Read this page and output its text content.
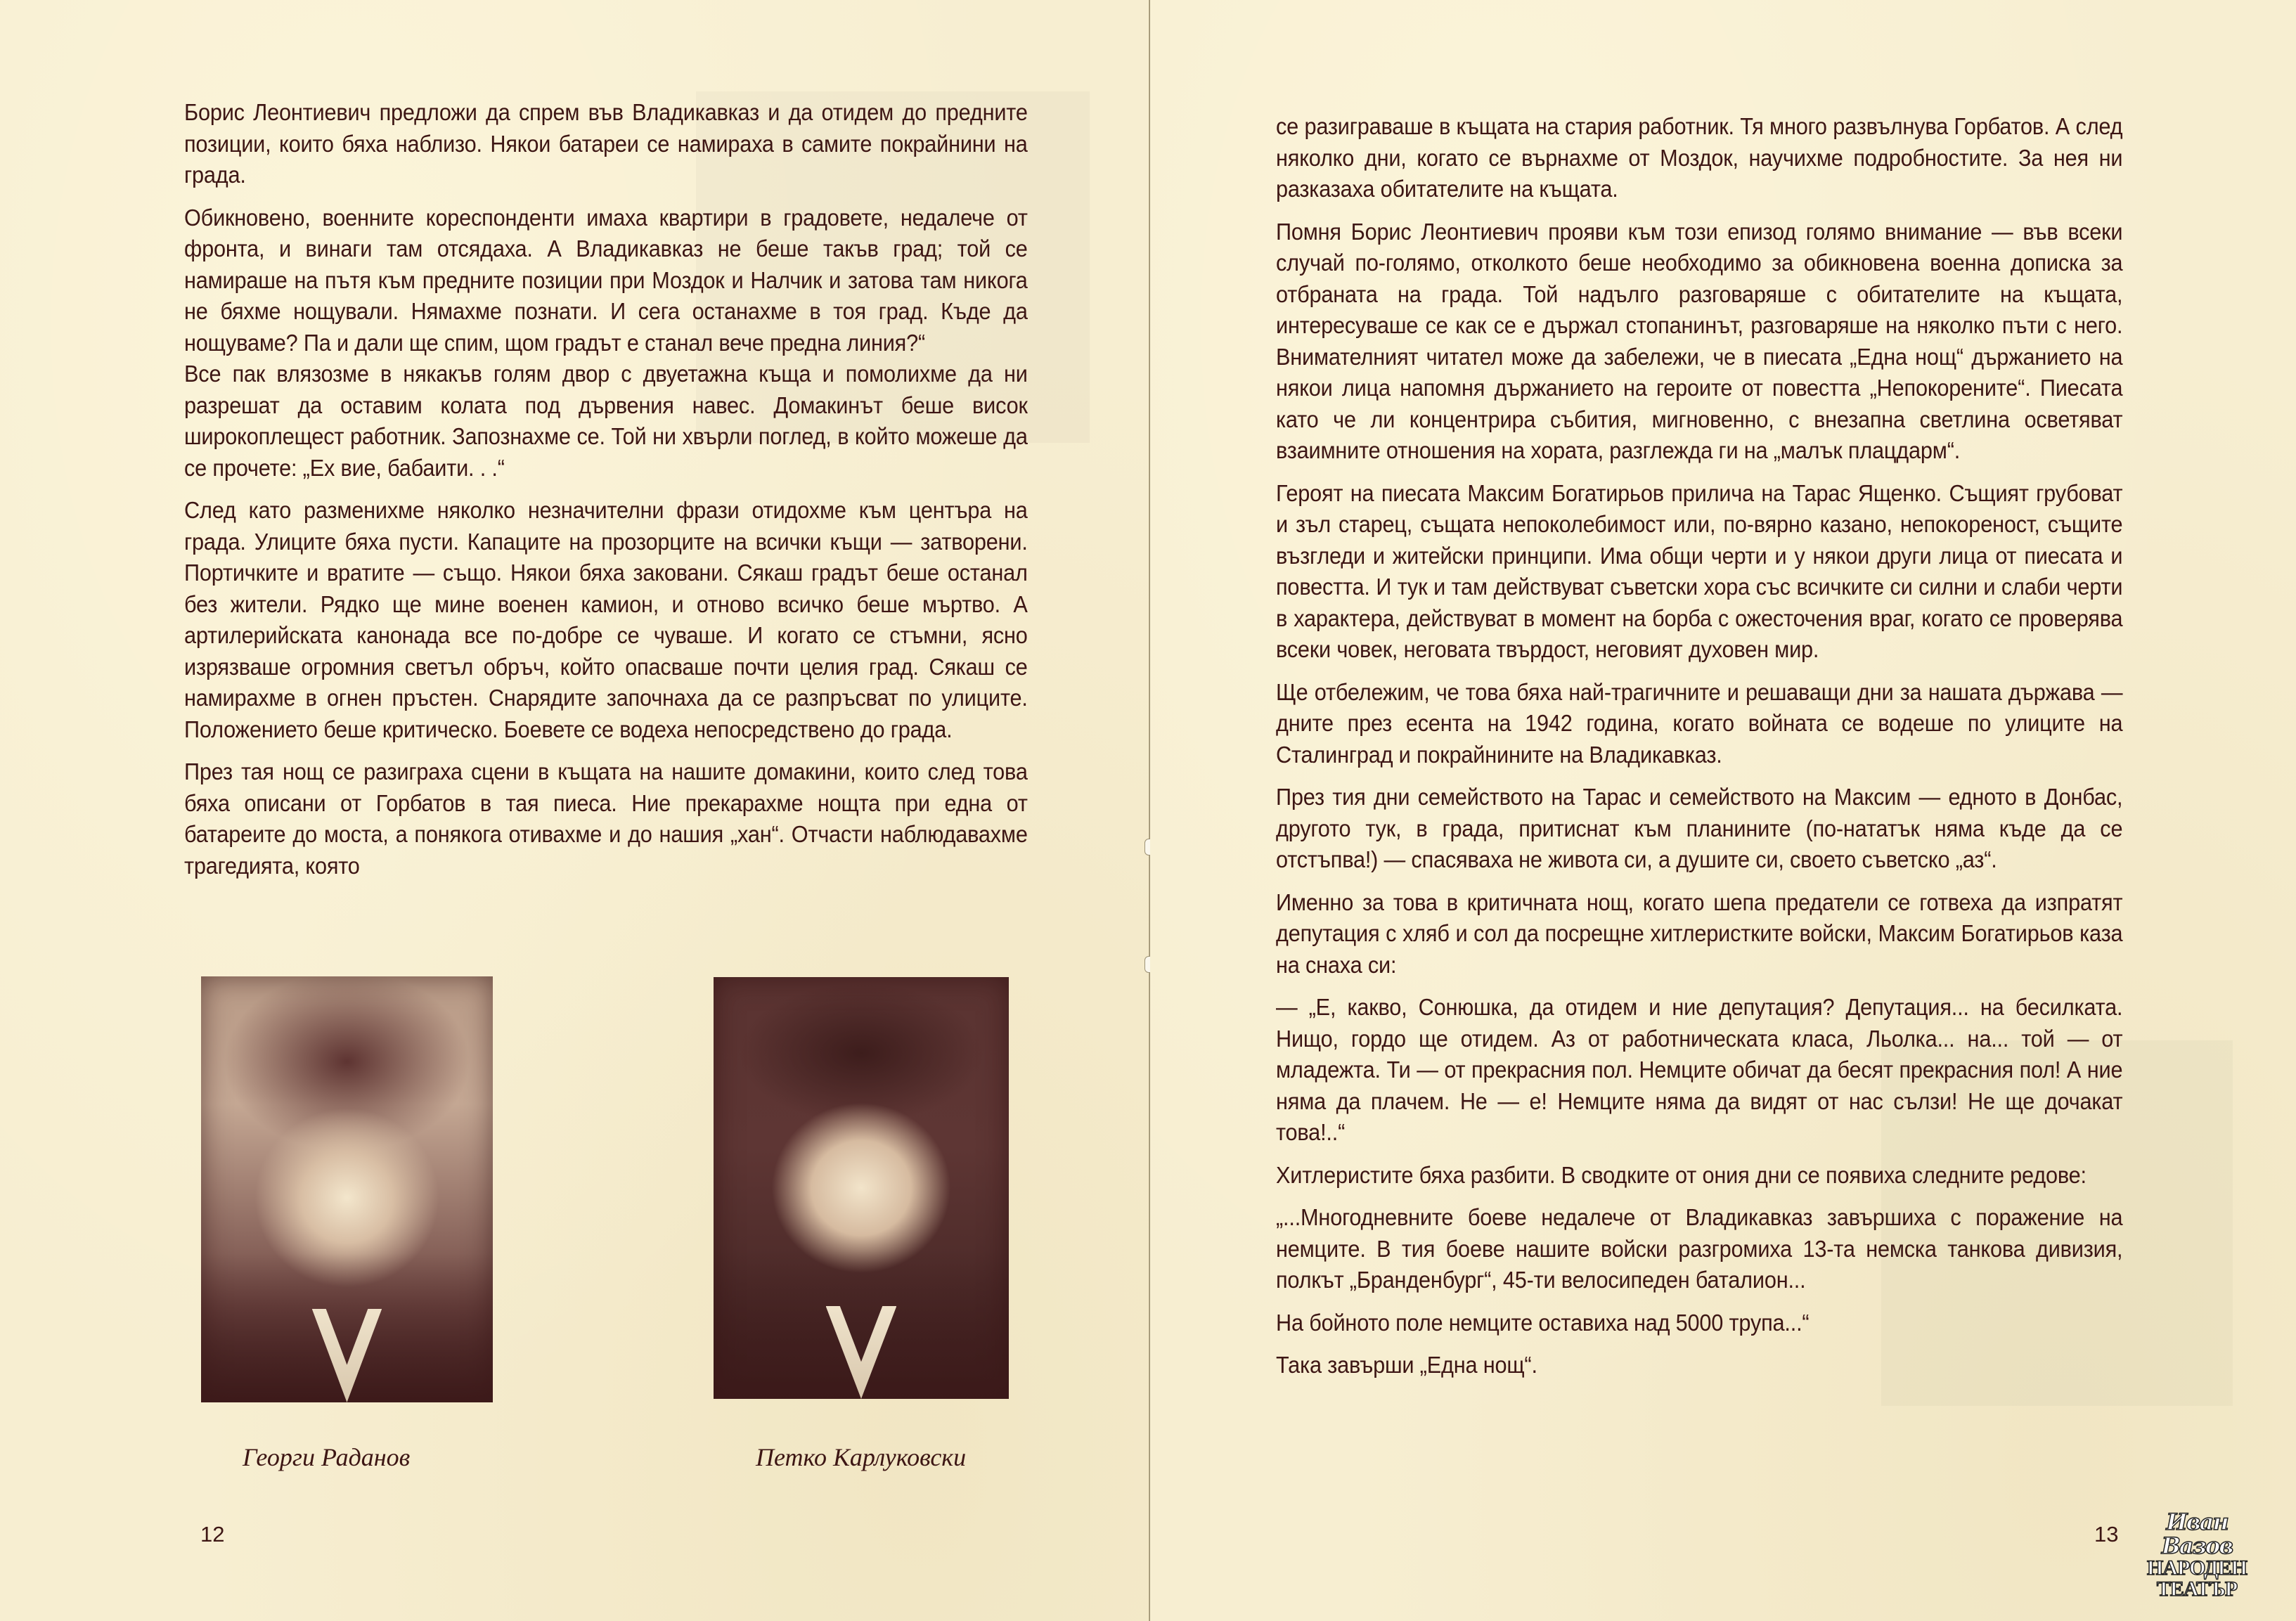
Борис Леонтиевич предложи да спрем във Владикавказ и да отидем до предните позиции, които бяха наблизо. Някои батареи се намираха в самите покрайнини на града.

Обикновено, военните кореспонденти имаха квартири в градовете, недалече от фронта, и винаги там отсядаха. А Владикавказ не беше такъв град; той се намираше на пътя към предните позиции при Моздок и Налчик и затова там никога не бяхме нощували. Нямахме познати. И сега останахме в тоя град. Къде да нощуваме? Па и дали ще спим, щом градът е станал вече предна линия?“

Все пак влязозме в някакъв голям двор с двуетажна къща и помолихме да ни разрешат да оставим колата под дървения навес. Домакинът беше висок широкоплещест работник. Запознахме се. Той ни хвърли поглед, в който можеше да се прочете: „Ех вие, бабаити. . .“

След като разменихме няколко незначителни фрази отидохме към центъра на града. Улиците бяха пусти. Капаците на прозорците на всички къщи — затворени. Портичките и вратите — също. Някои бяха заковани. Сякаш градът беше останал без жители. Рядко ще мине военен камион, и отново всичко беше мъртво. А артилерийската канонада все по-добре се чуваше. И когато се стъмни, ясно изрязваше огромния светъл обръч, който опасваше почти целия град. Сякаш се намирахме в огнен пръстен. Снарядите започнаха да се разпръсват по улиците. Положението беше критическо. Боевете се водеха непосредствено до града.

През тая нощ се разиграха сцени в къщата на нашите домакини, които след това бяха описани от Горбатов в тая пиеса. Ние прекарахме нощта при една от батареите до моста, а понякога отивахме и до нашия „хан“. Отчасти наблюдавахме трагедията, която

Георги Раданов	Петко Карлуковски
12

се разиграваше в къщата на стария работник. Тя много развълнува Горбатов. А след няколко дни, когато се върнахме от Моздок, научихме подробностите. За нея ни разказаха обитателите на къщата.

Помня Борис Леонтиевич прояви към този епизод голямо внимание — във всеки случай по-голямо, отколкото беше необходимо за обикновена военна дописка за отбраната на града. Той надълго разговаряше с обитателите на къщата, интересуваше се как се е държал стопанинът, разговаряше на няколко пъти с него. Внимателният читател може да забележи, че в пиесата „Една нощ“ държанието на някои лица напомня държанието на героите от повестта „Непокорените“. Пиесата като че ли концентрира събития, мигновенно, с внезапна светлина осветяват взаимните отношения на хората, разглежда ги на „малък плацдарм“.

Героят на пиесата Максим Богатирьов прилича на Тарас Ященко. Същият грубоват и зъл старец, същата непоколебимост или, по-вярно казано, непокореност, същите възгледи и житейски принципи. Има общи черти и у някои други лица от пиесата и повестта. И тук и там действуват съветски хора със всичките си силни и слаби черти в характера, действуват в момент на борба с ожесточения враг, когато се проверява всеки човек, неговата твърдост, неговият духовен мир.

Ще отбележим, че това бяха най-трагичните и решаващи дни за нашата държава — дните през есента на 1942 година, когато войната се водеше по улиците на Сталинград и покрайнините на Владикавказ.

През тия дни семейството на Тарас и семейството на Максим — едното в Донбас, другото тук, в града, притиснат към планините (по-нататък няма къде да се отстъпва!) — спасяваха не живота си, а душите си, своето съветско „аз“.

Именно за това в критичната нощ, когато шепа предатели се готвеха да изпратят депутация с хляб и сол да посрещне хитлеристките войски, Максим Богатирьов каза на снаха си:

— „Е, какво, Сонюшка, да отидем и ние депутация? Депутация... на бесилката. Нищо, гордо ще отидем. Аз от работническата класа, Льолка... на... той — от младежта. Ти — от прекрасния пол. Немците обичат да бесят прекрасния пол! А ние няма да плачем. Не — е! Немците няма да видят от нас сълзи! Не ще дочакат това!..“

Хитлеристите бяха разбити. В сводките от ония дни се появиха следните редове:

„...Многодневните боеве недалече от Владикавказ завършиха с поражение на немците. В тия боеве нашите войски разгромиха 13-та немска танкова дивизия, полкът „Бранденбург“, 45-ти велосипеден баталион...

На бойното поле немците оставиха над 5000 трупа...“

Така завърши „Една нощ“.

13	Иван Вазов
НАРОДЕН
ТЕАТЪР
